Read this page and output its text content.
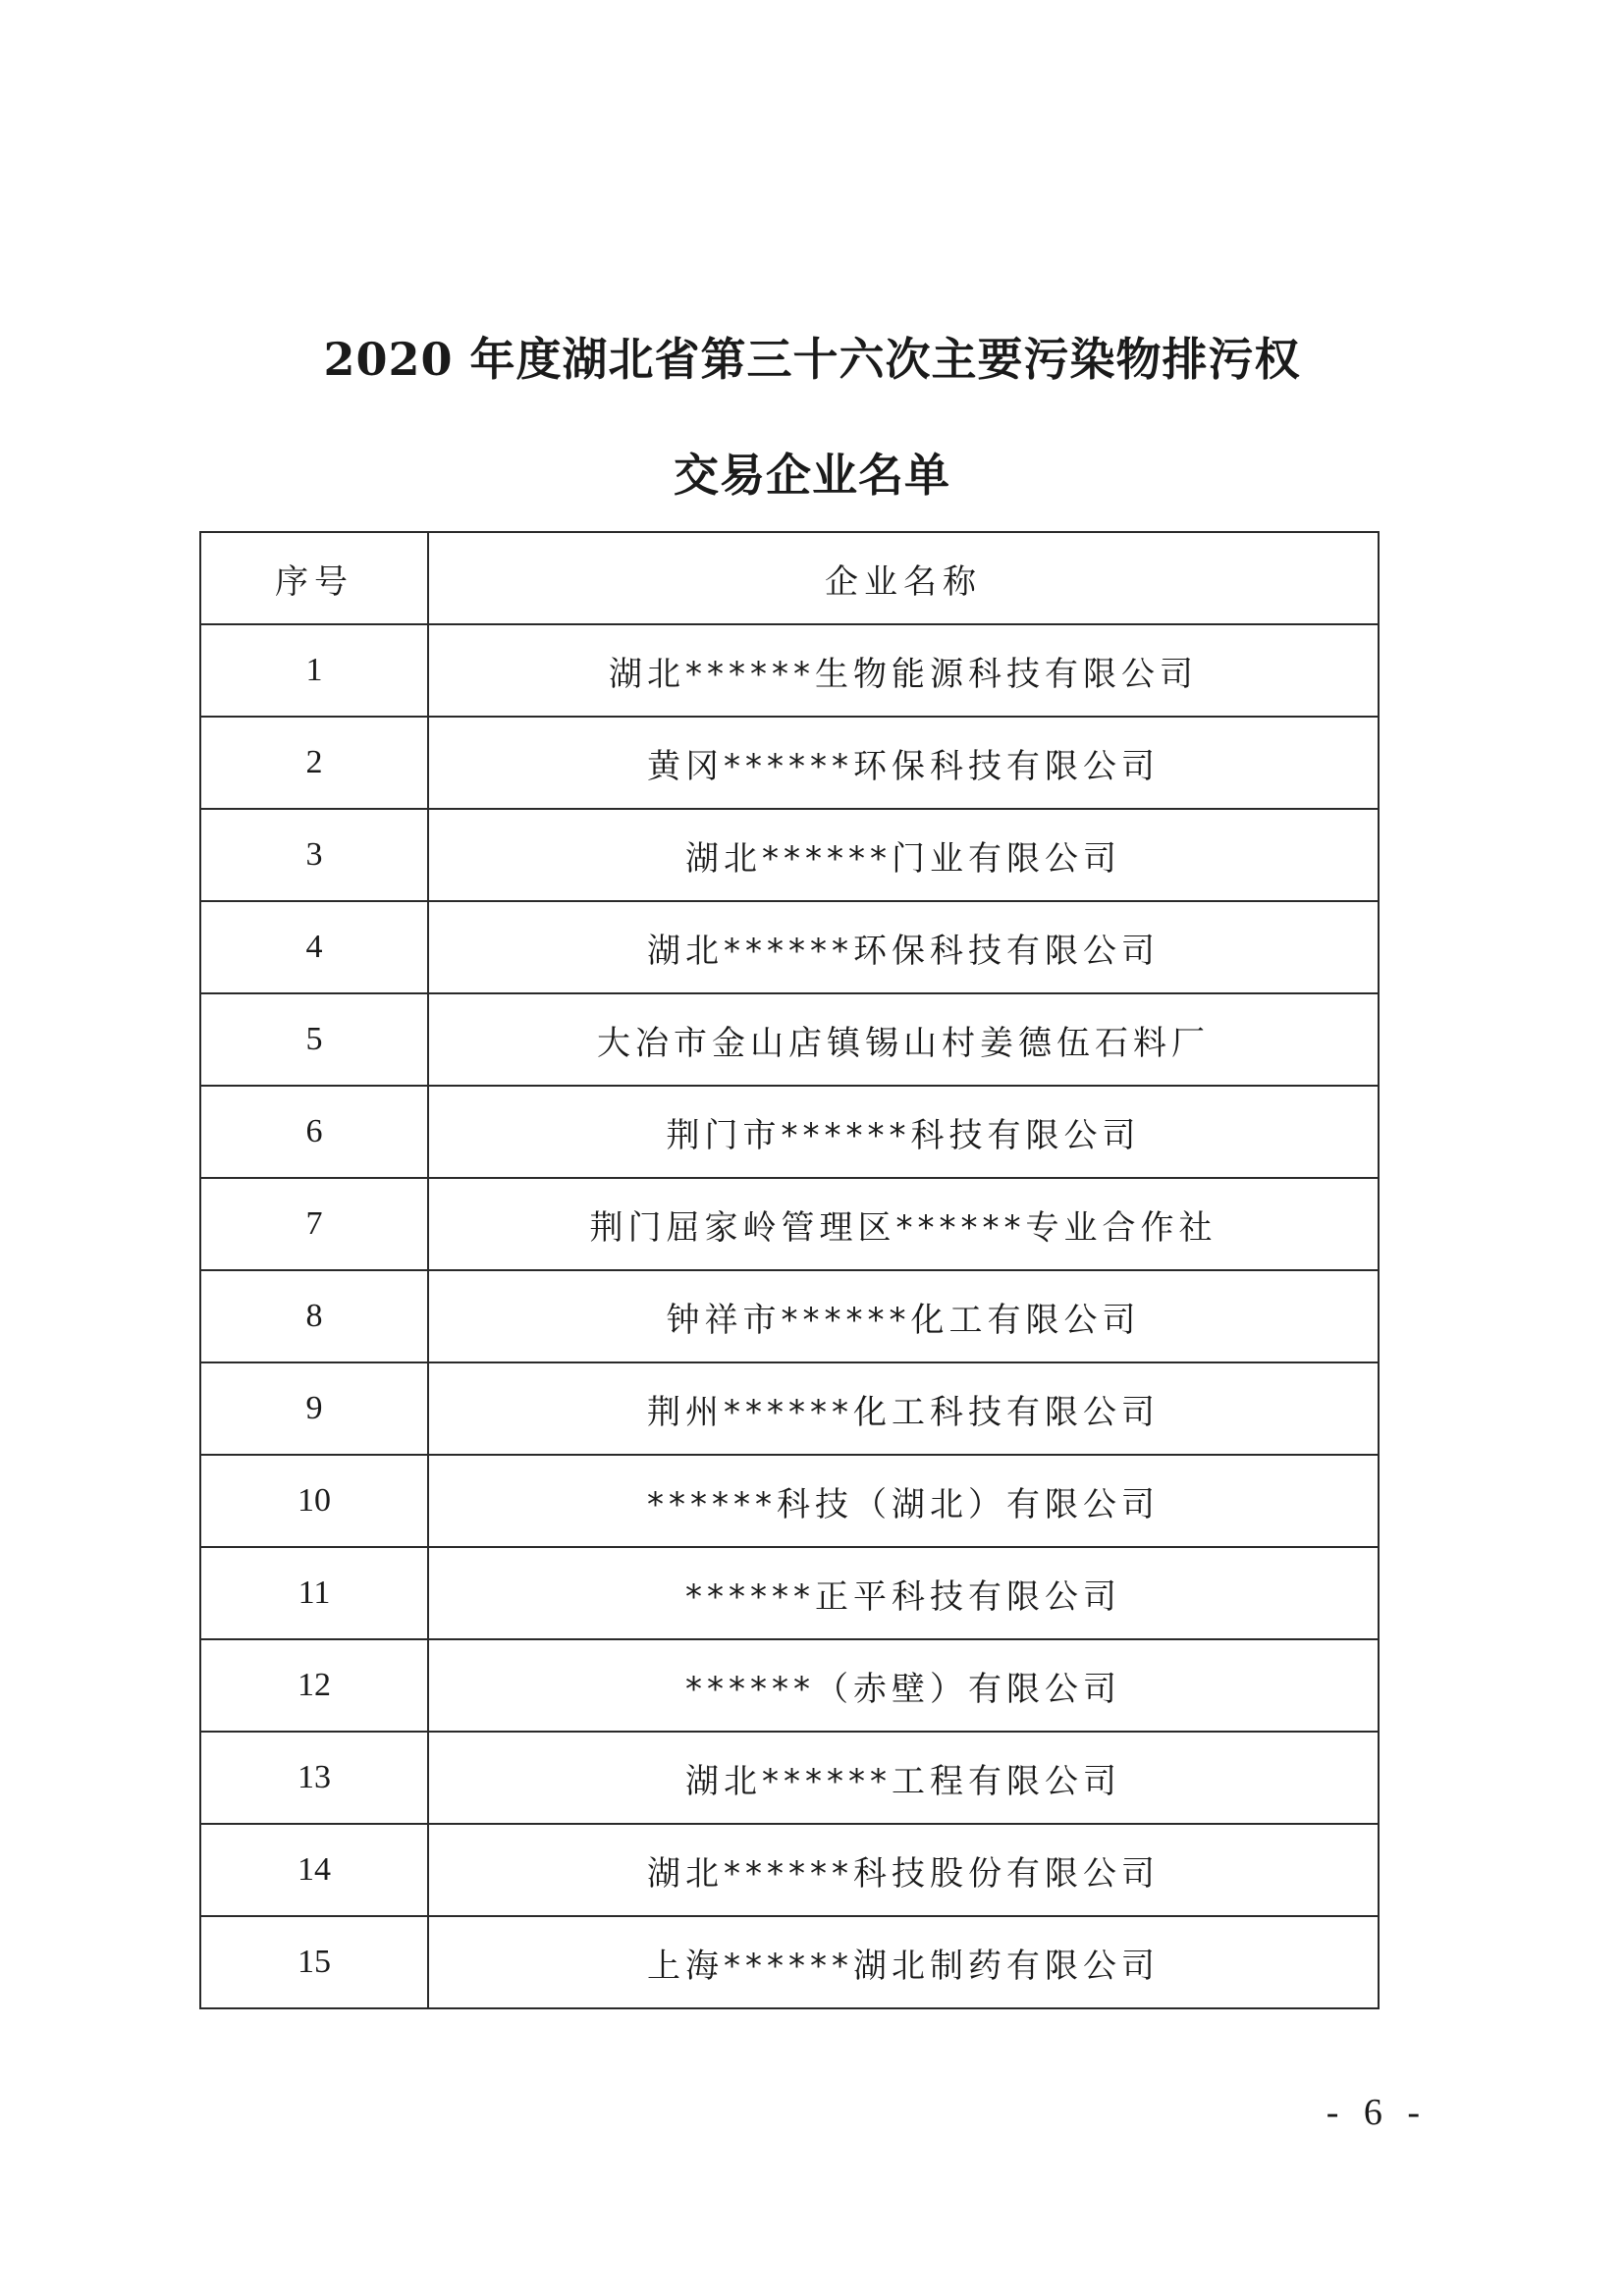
2020 年度湖北省第三十六次主要污染物排污权
交易企业名单
序号	企业名称
1	湖北******生物能源科技有限公司
2	黄冈******环保科技有限公司
3	湖北******门业有限公司
4	湖北******环保科技有限公司
5	大冶市金山店镇锡山村姜德伍石料厂
6	荆门市******科技有限公司
7	荆门屈家岭管理区******专业合作社
8	钟祥市******化工有限公司
9	荆州******化工科技有限公司
10	******科技（湖北）有限公司
11	******正平科技有限公司
12	******（赤壁）有限公司
13	湖北******工程有限公司
14	湖北******科技股份有限公司
15	上海******湖北制药有限公司
- 6 -
